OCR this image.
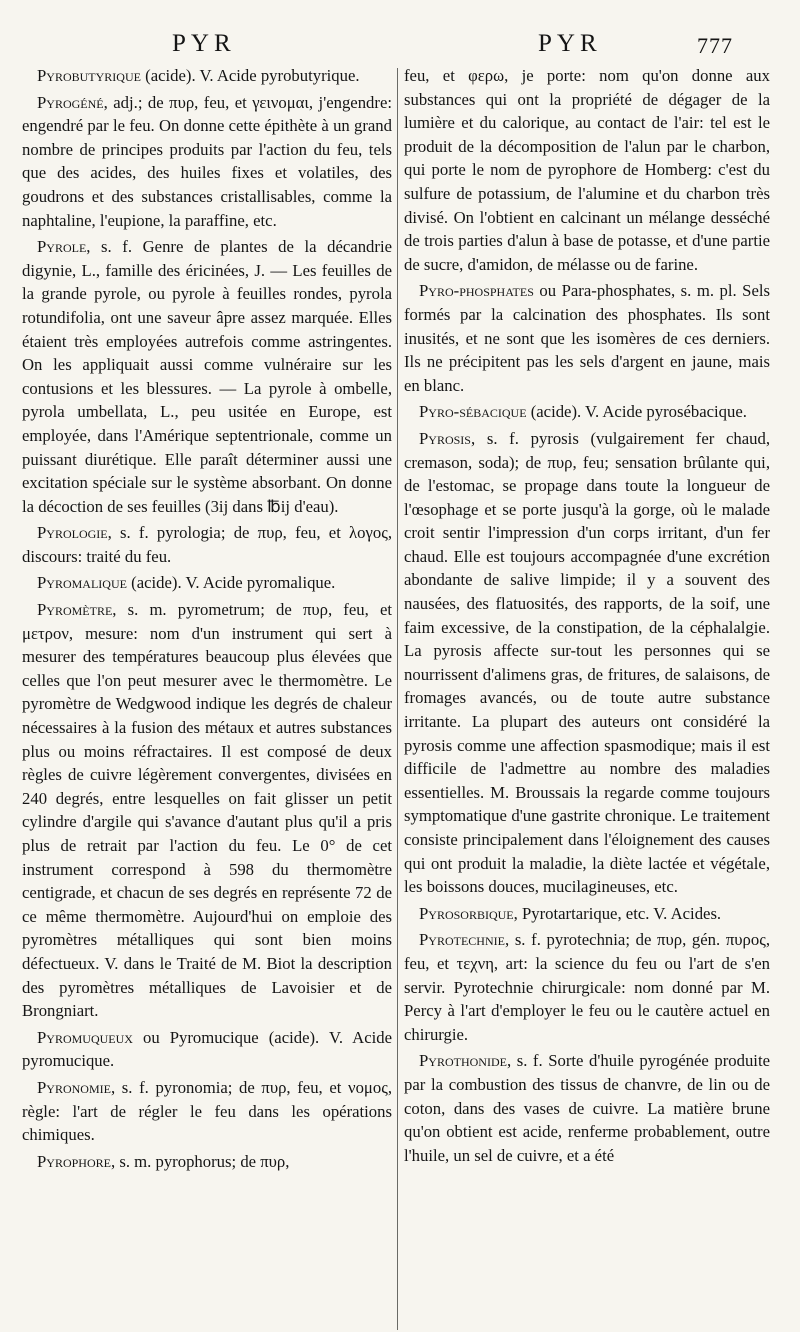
PYR	PYR	777

Pyrobutyrique (acide). V. Acide pyrobutyrique.

Pyrogéné, adj.; de πυρ, feu, et γεινομαι, j'engendre: engendré par le feu. On donne cette épithète à un grand nombre de principes produits par l'action du feu, tels que des acides, des huiles fixes et volatiles, des goudrons et des substances cristallisables, comme la naphtaline, l'eupione, la paraffine, etc.

Pyrole, s. f. Genre de plantes de la décandrie digynie, L., famille des éricinées, J. — Les feuilles de la grande pyrole, ou pyrole à feuilles rondes, pyrola rotundifolia, ont une saveur âpre assez marquée. Elles étaient très employées autrefois comme astringentes. On les appliquait aussi comme vulnéraire sur les contusions et les blessures. — La pyrole à ombelle, pyrola umbellata, L., peu usitée en Europe, est employée, dans l'Amérique septentrionale, comme un puissant diurétique. Elle paraît déterminer aussi une excitation spéciale sur le système absorbant. On donne la décoction de ses feuilles (3ij dans ℔ij d'eau).

Pyrologie, s. f. pyrologia; de πυρ, feu, et λογος, discours: traité du feu.

Pyromalique (acide). V. Acide pyromalique.

Pyromètre, s. m. pyrometrum; de πυρ, feu, et μετρον, mesure: nom d'un instrument qui sert à mesurer des températures beaucoup plus élevées que celles que l'on peut mesurer avec le thermomètre. Le pyromètre de Wedgwood indique les degrés de chaleur nécessaires à la fusion des métaux et autres substances plus ou moins réfractaires. Il est composé de deux règles de cuivre légèrement convergentes, divisées en 240 degrés, entre lesquelles on fait glisser un petit cylindre d'argile qui s'avance d'autant plus qu'il a pris plus de retrait par l'action du feu. Le 0° de cet instrument correspond à 598 du thermomètre centigrade, et chacun de ses degrés en représente 72 de ce même thermomètre. Aujourd'hui on emploie des pyromètres métalliques qui sont bien moins défectueux. V. dans le Traité de M. Biot la description des pyromètres métalliques de Lavoisier et de Brongniart.

Pyromuqueux ou Pyromucique (acide). V. Acide pyromucique.

Pyronomie, s. f. pyronomia; de πυρ, feu, et νομος, règle: l'art de régler le feu dans les opérations chimiques.

Pyrophore, s. m. pyrophorus; de πυρ,

feu, et φερω, je porte: nom qu'on donne aux substances qui ont la propriété de dégager de la lumière et du calorique, au contact de l'air: tel est le produit de la décomposition de l'alun par le charbon, qui porte le nom de pyrophore de Homberg: c'est du sulfure de potassium, de l'alumine et du charbon très divisé. On l'obtient en calcinant un mélange desséché de trois parties d'alun à base de potasse, et d'une partie de sucre, d'amidon, de mélasse ou de farine.

Pyro-phosphates ou Para-phosphates, s. m. pl. Sels formés par la calcination des phosphates. Ils sont inusités, et ne sont que les isomères de ces derniers. Ils ne précipitent pas les sels d'argent en jaune, mais en blanc.

Pyro-sébacique (acide). V. Acide pyrosébacique.

Pyrosis, s. f. pyrosis (vulgairement fer chaud, cremason, soda); de πυρ, feu; sensation brûlante qui, de l'estomac, se propage dans toute la longueur de l'œsophage et se porte jusqu'à la gorge, où le malade croit sentir l'impression d'un corps irritant, d'un fer chaud. Elle est toujours accompagnée d'une excrétion abondante de salive limpide; il y a souvent des nausées, des flatuosités, des rapports, de la soif, une faim excessive, de la constipation, de la céphalalgie. La pyrosis affecte sur-tout les personnes qui se nourrissent d'alimens gras, de fritures, de salaisons, de fromages avancés, ou de toute autre substance irritante. La plupart des auteurs ont considéré la pyrosis comme une affection spasmodique; mais il est difficile de l'admettre au nombre des maladies essentielles. M. Broussais la regarde comme toujours symptomatique d'une gastrite chronique. Le traitement consiste principalement dans l'éloignement des causes qui ont produit la maladie, la diète lactée et végétale, les boissons douces, mucilagineuses, etc.

Pyrosorbique, Pyrotartarique, etc. V. Acides.

Pyrotechnie, s. f. pyrotechnia; de πυρ, gén. πυρος, feu, et τεχνη, art: la science du feu ou l'art de s'en servir. Pyrotechnie chirurgicale: nom donné par M. Percy à l'art d'employer le feu ou le cautère actuel en chirurgie.

Pyrothonide, s. f. Sorte d'huile pyrogénée produite par la combustion des tissus de chanvre, de lin ou de coton, dans des vases de cuivre. La matière brune qu'on obtient est acide, renferme probablement, outre l'huile, un sel de cuivre, et a été
